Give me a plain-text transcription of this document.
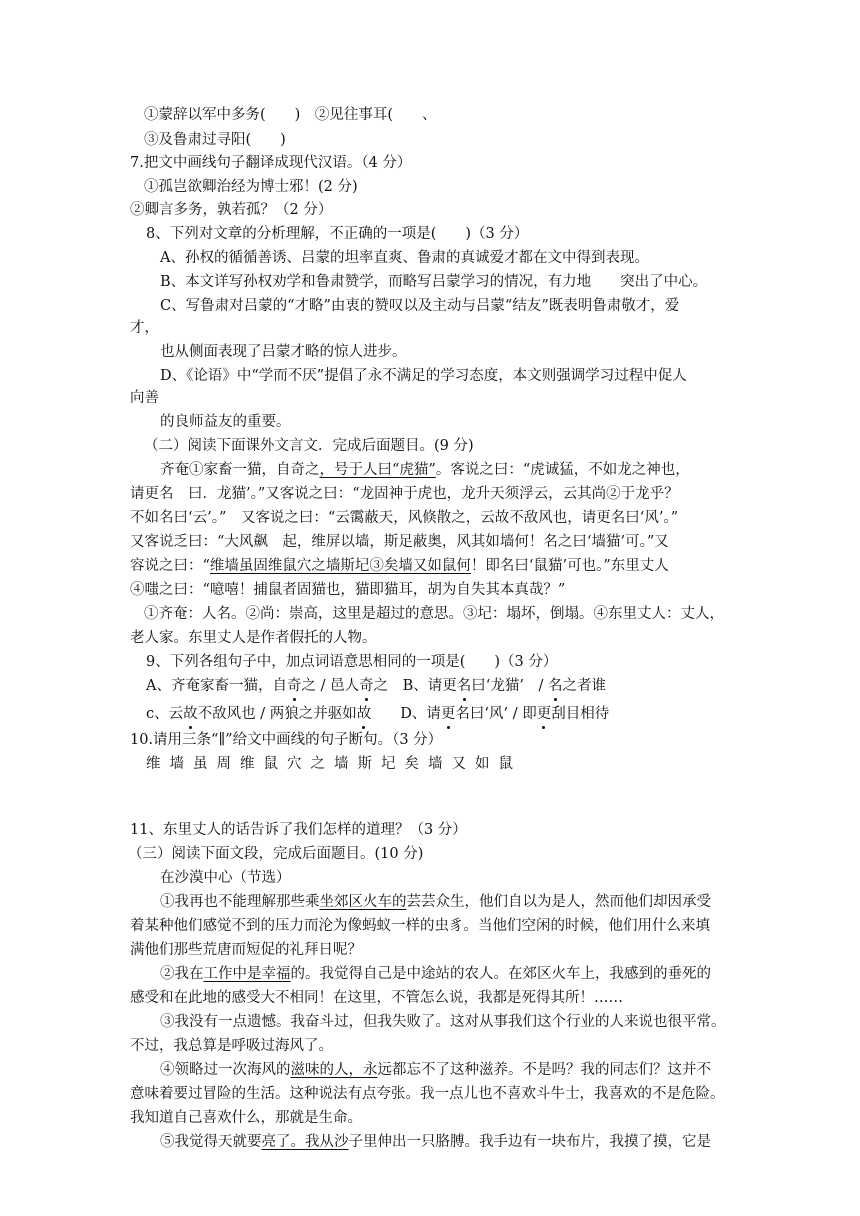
①蒙辞以军中多务(　　)　②见往事耳(　　、
③及鲁肃过寻阳(　　)
7.把文中画线句子翻译成现代汉语。（4 分）
①孤岂欲卿治经为博士邪！(2 分)
②卿言多务，孰若孤？（2 分）
8、下列对文章的分析理解，不正确的一项是(　　)（3 分）
A、孙权的循循善诱、吕蒙的坦率直爽、鲁肃的真诚爱才都在文中得到表现。
B、本文详写孙权劝学和鲁肃赞学，而略写吕蒙学习的情况，有力地　　突出了中心。
C、写鲁肃对吕蒙的“才略”由衷的赞叹以及主动与吕蒙“结友”既表明鲁肃敬才，爱
才，
也从侧面表现了吕蒙才略的惊人进步。
D、《论语》中“学而不厌”提倡了永不满足的学习态度，本文则强调学习过程中促人
向善
的良师益友的重要。
（二）阅读下面课外文言文．完成后面题目。(9 分)
齐奄①家畜一猫，自奇之，号于人曰“虎猫”。客说之曰：“虎诚猛，不如龙之神也，
请更名　曰．龙猫’。”又客说之曰：“龙固神于虎也，龙升天须浮云，云其尚②于龙乎？
不如名曰‘云’。”　又客说之曰：“云霭蔽天，风倏散之，云故不敌风也，请更名曰‘风’。”
又客说乏曰：“大风飙　起，维屏以墙，斯足蔽奥，风其如墙何！名之曰‘墙猫’可。”又
容说之曰：“维墙虽固维鼠穴之墙斯圮③矣墙又如鼠何！即名曰‘鼠猫’可也。”东里丈人
④嗤之曰：“噫嘻！捕鼠者固猫也，猫即猫耳，胡为自失其本真哉？”
①齐奄：人名。②尚：崇高，这里是超过的意思。③圮：塌坏，倒塌。④东里丈人：丈人，
老人家。东里丈人是作者假托的人物。
9、下列各组句子中，加点词语意思相同的一项是(　　)（3 分）
A、齐奄家畜一猫，自奇之 / 邑人奇之　B、请更名曰‘龙猫’　/ 名之者谁
c、云故不敌风也 / 两狼之并驱如故　　D、请更名曰‘风’ / 即更刮目相待
10.请用三条“∥”给文中画线的句子断句。（3 分）
维墙虽周维鼠穴之墙斯圮矣墙又如鼠
11、东里丈人的话告诉了我们怎样的道理？（3 分）
（三）阅读下面文段，完成后面题目。(10 分)
在沙漠中心（节选）
①我再也不能理解那些乘坐郊区火车的芸芸众生，他们自以为是人，然而他们却因承受
着某种他们感觉不到的压力而沦为像蚂蚁一样的虫豸。当他们空闲的时候，他们用什么来填
满他们那些荒唐而短促的礼拜日呢？
②我在工作中是幸福的。我觉得自己是中途站的农人。在郊区火车上，我感到的垂死的
感受和在此地的感受大不相同！在这里，不管怎么说，我都是死得其所！……
③我没有一点遗憾。我奋斗过，但我失败了。这对从事我们这个行业的人来说也很平常。
不过，我总算是呼吸过海风了。
④领略过一次海风的滋味的人，永远都忘不了这种滋养。不是吗？我的同志们？这并不
意味着要过冒险的生活。这种说法有点夸张。我一点儿也不喜欢斗牛士，我喜欢的不是危险。
我知道自己喜欢什么，那就是生命。
⑤我觉得天就要亮了。我从沙子里伸出一只胳膊。我手边有一块布片，我摸了摸，它是
